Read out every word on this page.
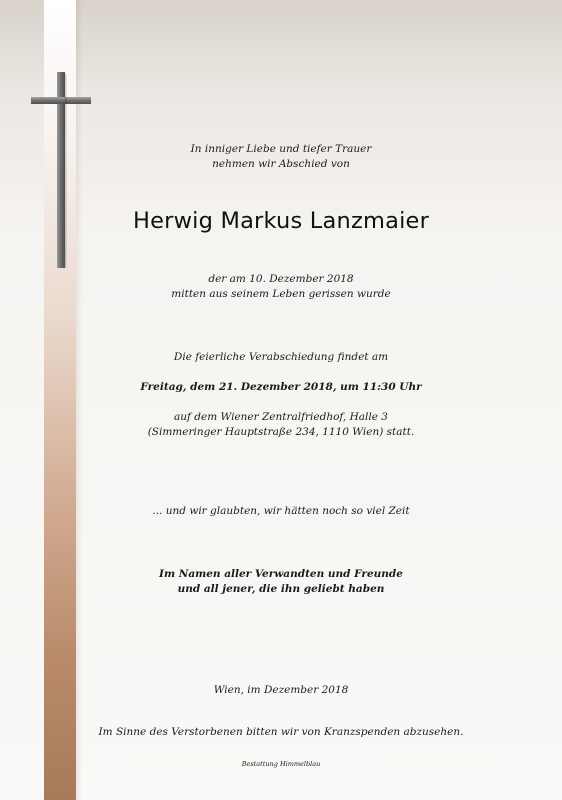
In inniger Liebe und tiefer Trauer
nehmen wir Abschied von
Herwig Markus Lanzmaier
der am 10. Dezember 2018
mitten aus seinem Leben gerissen wurde
Die feierliche Verabschiedung findet am
Freitag, dem 21. Dezember 2018, um 11:30 Uhr
auf dem Wiener Zentralfriedhof, Halle 3
(Simmeringer Hauptstraße 234, 1110 Wien) statt.
... und wir glaubten, wir hätten noch so viel Zeit
Im Namen aller Verwandten und Freunde
und all jener, die ihn geliebt haben
Wien, im Dezember 2018
Im Sinne des Verstorbenen bitten wir von Kranzspenden abzusehen.
Bestattung Himmelblau
